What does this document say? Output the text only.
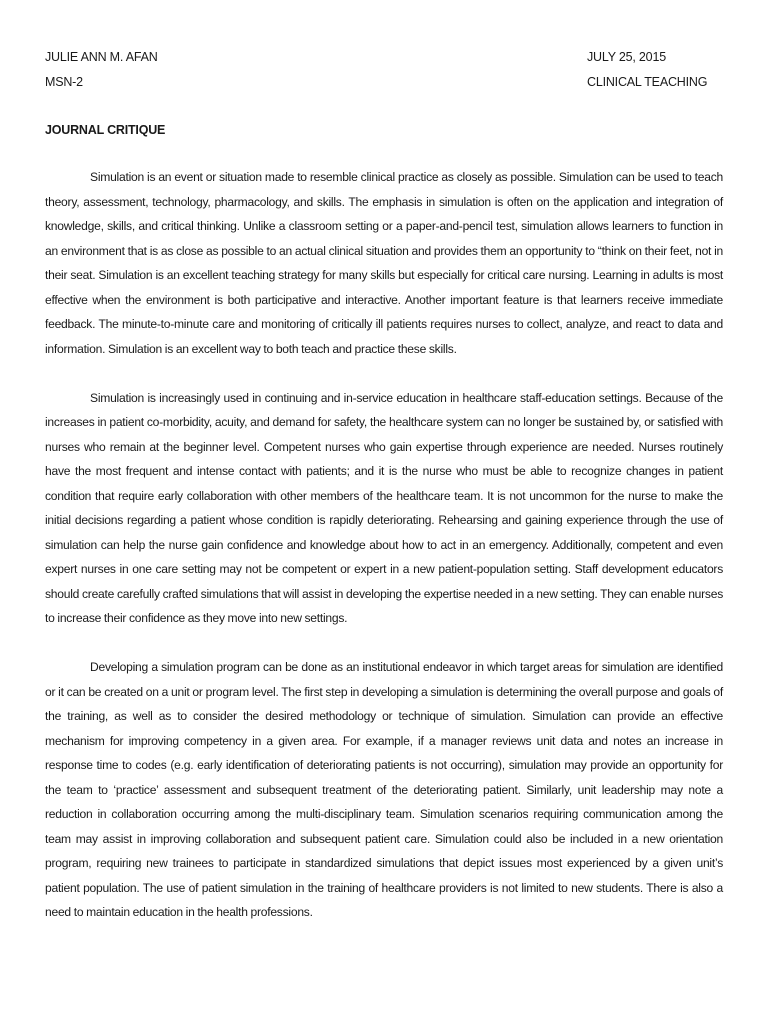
JULIE ANN M. AFAN
MSN-2
JULY 25, 2015
CLINICAL TEACHING
JOURNAL CRITIQUE

Simulation is an event or situation made to resemble clinical practice as closely as possible. Simulation can be used to teach theory, assessment, technology, pharmacology, and skills. The emphasis in simulation is often on the application and integration of knowledge, skills, and critical thinking. Unlike a classroom setting or a paper-and-pencil test, simulation allows learners to function in an environment that is as close as possible to an actual clinical situation and provides them an opportunity to “think on their feet, not in their seat. Simulation is an excellent teaching strategy for many skills but especially for critical care nursing. Learning in adults is most effective when the environment is both participative and interactive. Another important feature is that learners receive immediate feedback. The minute-to-minute care and monitoring of critically ill patients requires nurses to collect, analyze, and react to data and information. Simulation is an excellent way to both teach and practice these skills.

Simulation is increasingly used in continuing and in-service education in healthcare staff-education settings. Because of the increases in patient co-morbidity, acuity, and demand for safety, the healthcare system can no longer be sustained by, or satisfied with nurses who remain at the beginner level. Competent nurses who gain expertise through experience are needed. Nurses routinely have the most frequent and intense contact with patients; and it is the nurse who must be able to recognize changes in patient condition that require early collaboration with other members of the healthcare team. It is not uncommon for the nurse to make the initial decisions regarding a patient whose condition is rapidly deteriorating. Rehearsing and gaining experience through the use of simulation can help the nurse gain confidence and knowledge about how to act in an emergency. Additionally, competent and even expert nurses in one care setting may not be competent or expert in a new patient-population setting. Staff development educators should create carefully crafted simulations that will assist in developing the expertise needed in a new setting. They can enable nurses to increase their confidence as they move into new settings.

Developing a simulation program can be done as an institutional endeavor in which target areas for simulation are identified or it can be created on a unit or program level. The first step in developing a simulation is determining the overall purpose and goals of the training, as well as to consider the desired methodology or technique of simulation. Simulation can provide an effective mechanism for improving competency in a given area. For example, if a manager reviews unit data and notes an increase in response time to codes (e.g. early identification of deteriorating patients is not occurring), simulation may provide an opportunity for the team to ‘practice’ assessment and subsequent treatment of the deteriorating patient. Similarly, unit leadership may note a reduction in collaboration occurring among the multi-disciplinary team. Simulation scenarios requiring communication among the team may assist in improving collaboration and subsequent patient care. Simulation could also be included in a new orientation program, requiring new trainees to participate in standardized simulations that depict issues most experienced by a given unit’s patient population. The use of patient simulation in the training of healthcare providers is not limited to new students. There is also a need to maintain education in the health professions.
